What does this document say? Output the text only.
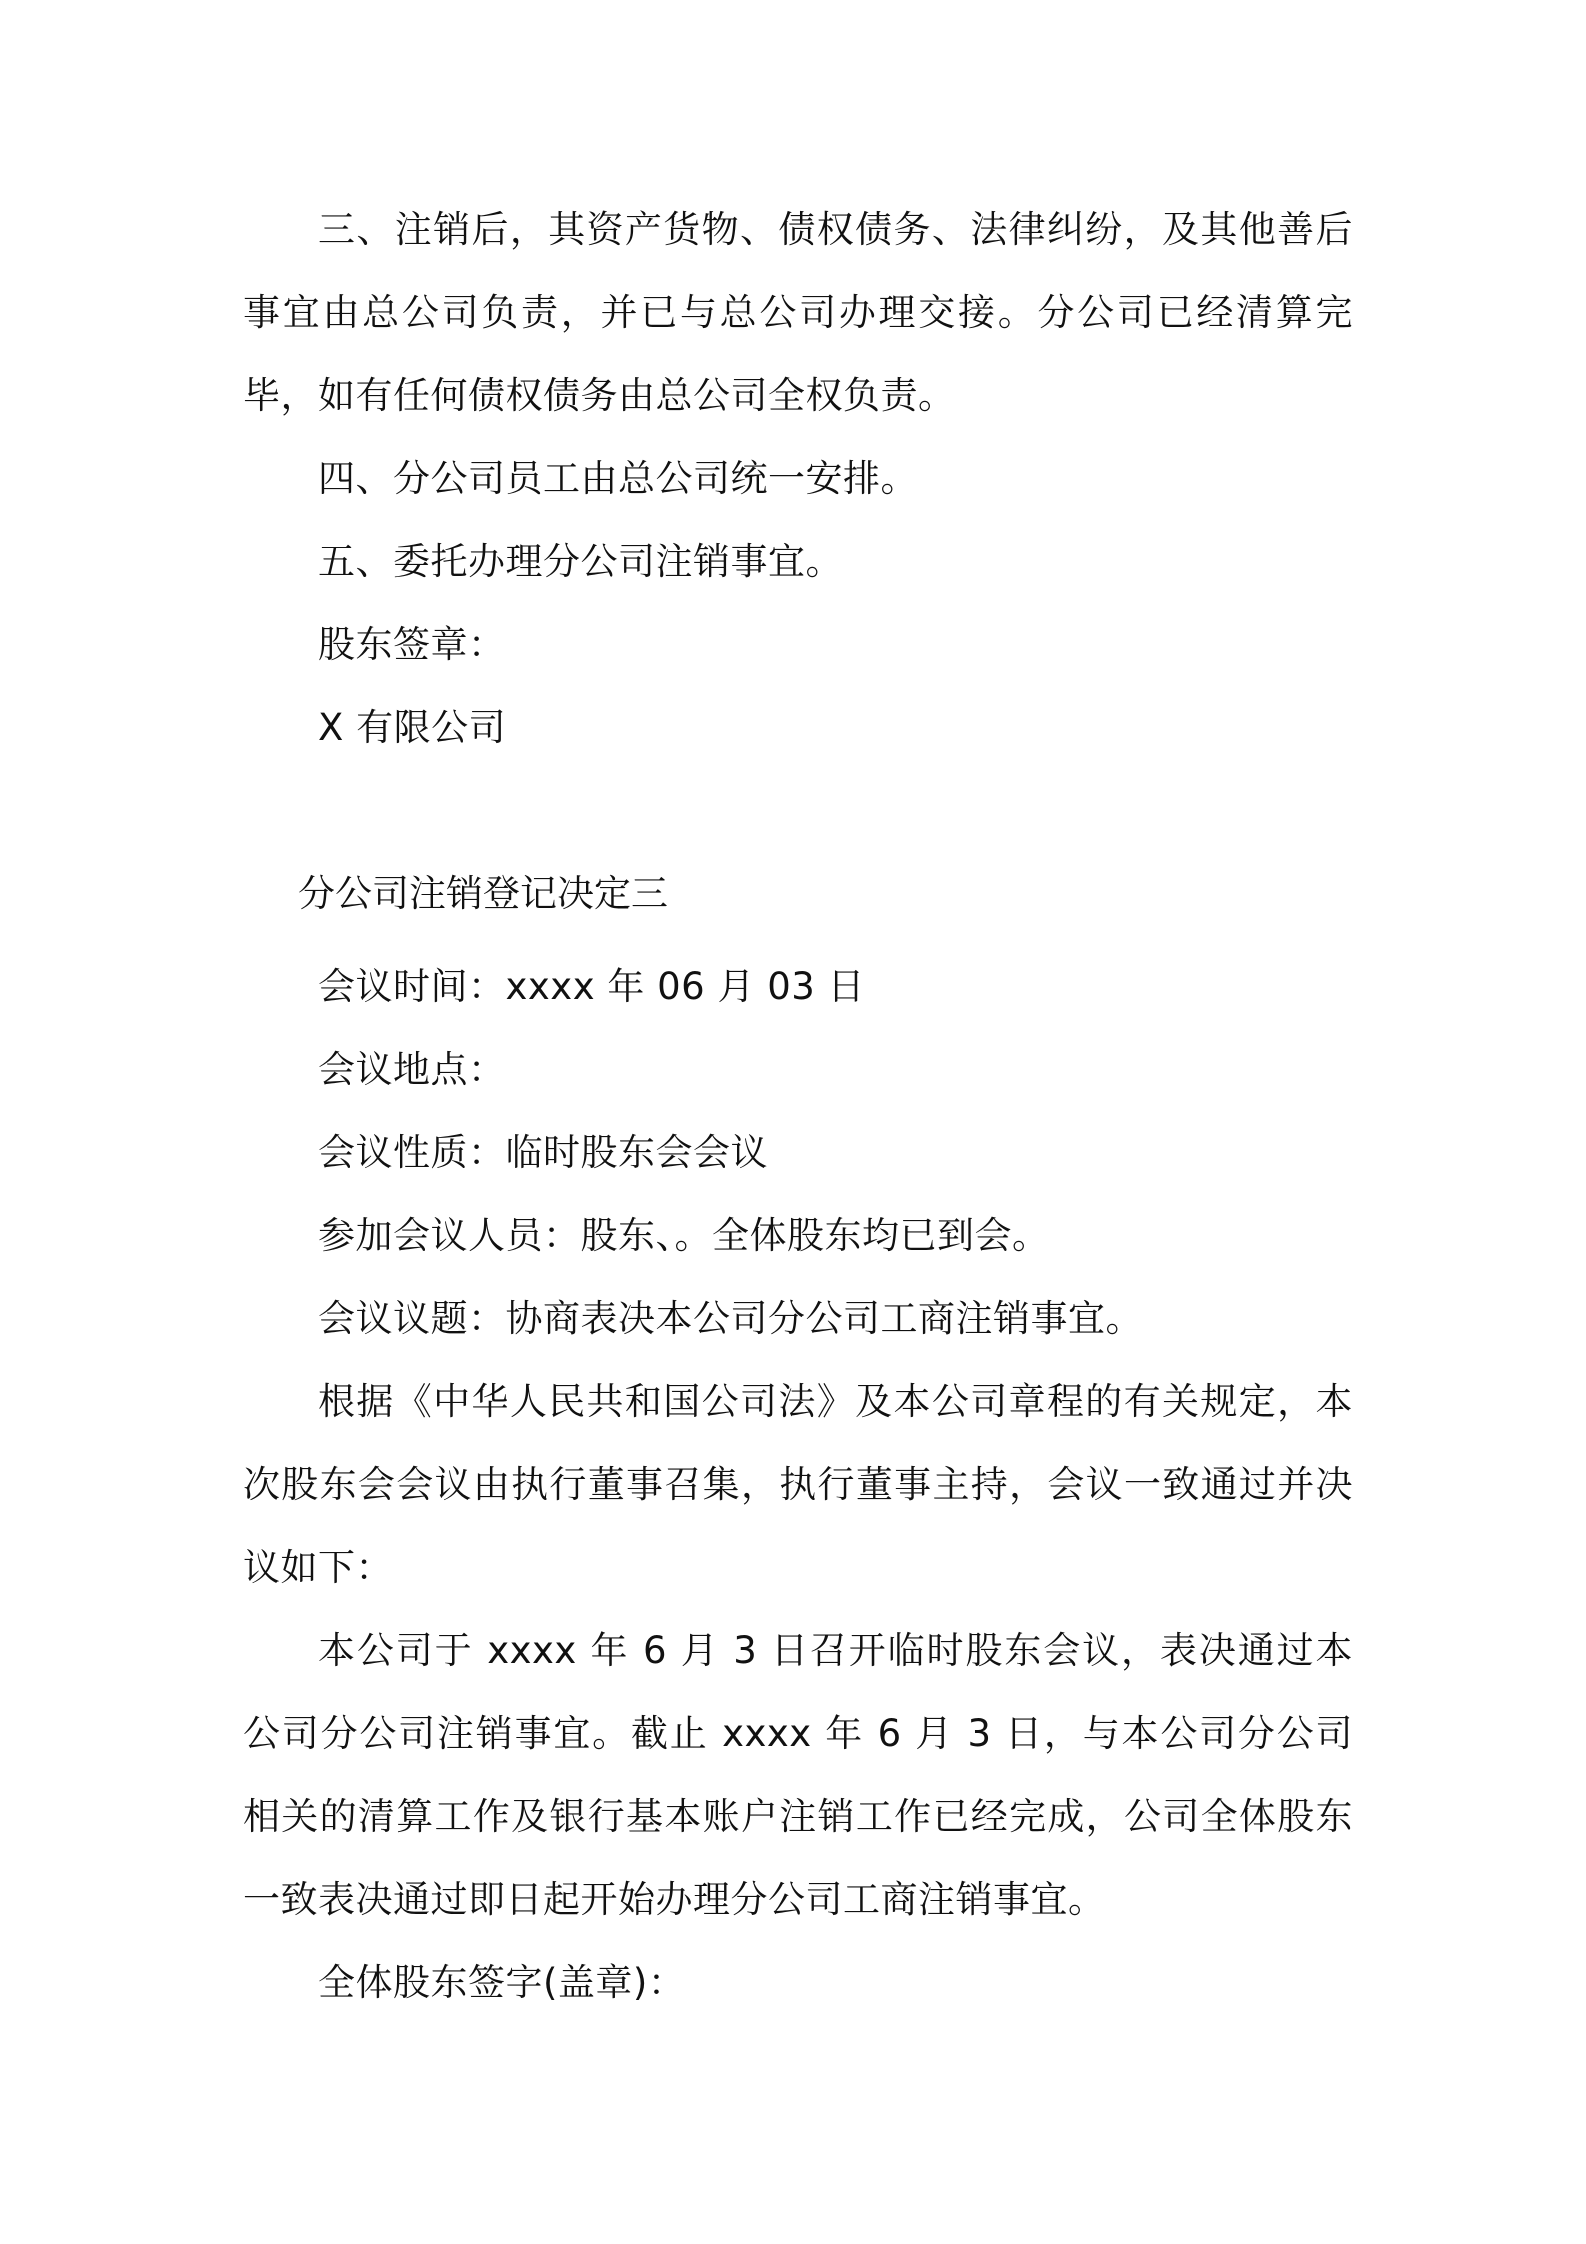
三、注销后，其资产货物、债权债务、法律纠纷，及其他善后事宜由总公司负责，并已与总公司办理交接。分公司已经清算完毕，如有任何债权债务由总公司全权负责。

四、分公司员工由总公司统一安排。

五、委托办理分公司注销事宜。

股东签章：

X 有限公司

分公司注销登记决定三

会议时间：xxxx 年 06 月 03 日

会议地点：

会议性质：临时股东会会议

参加会议人员：股东、。全体股东均已到会。

会议议题：协商表决本公司分公司工商注销事宜。

根据《中华人民共和国公司法》及本公司章程的有关规定，本次股东会会议由执行董事召集，执行董事主持，会议一致通过并决议如下：

本公司于 xxxx 年 6 月 3 日召开临时股东会议，表决通过本公司分公司注销事宜。截止 xxxx 年 6 月 3 日，与本公司分公司相关的清算工作及银行基本账户注销工作已经完成，公司全体股东一致表决通过即日起开始办理分公司工商注销事宜。

全体股东签字(盖章)：
